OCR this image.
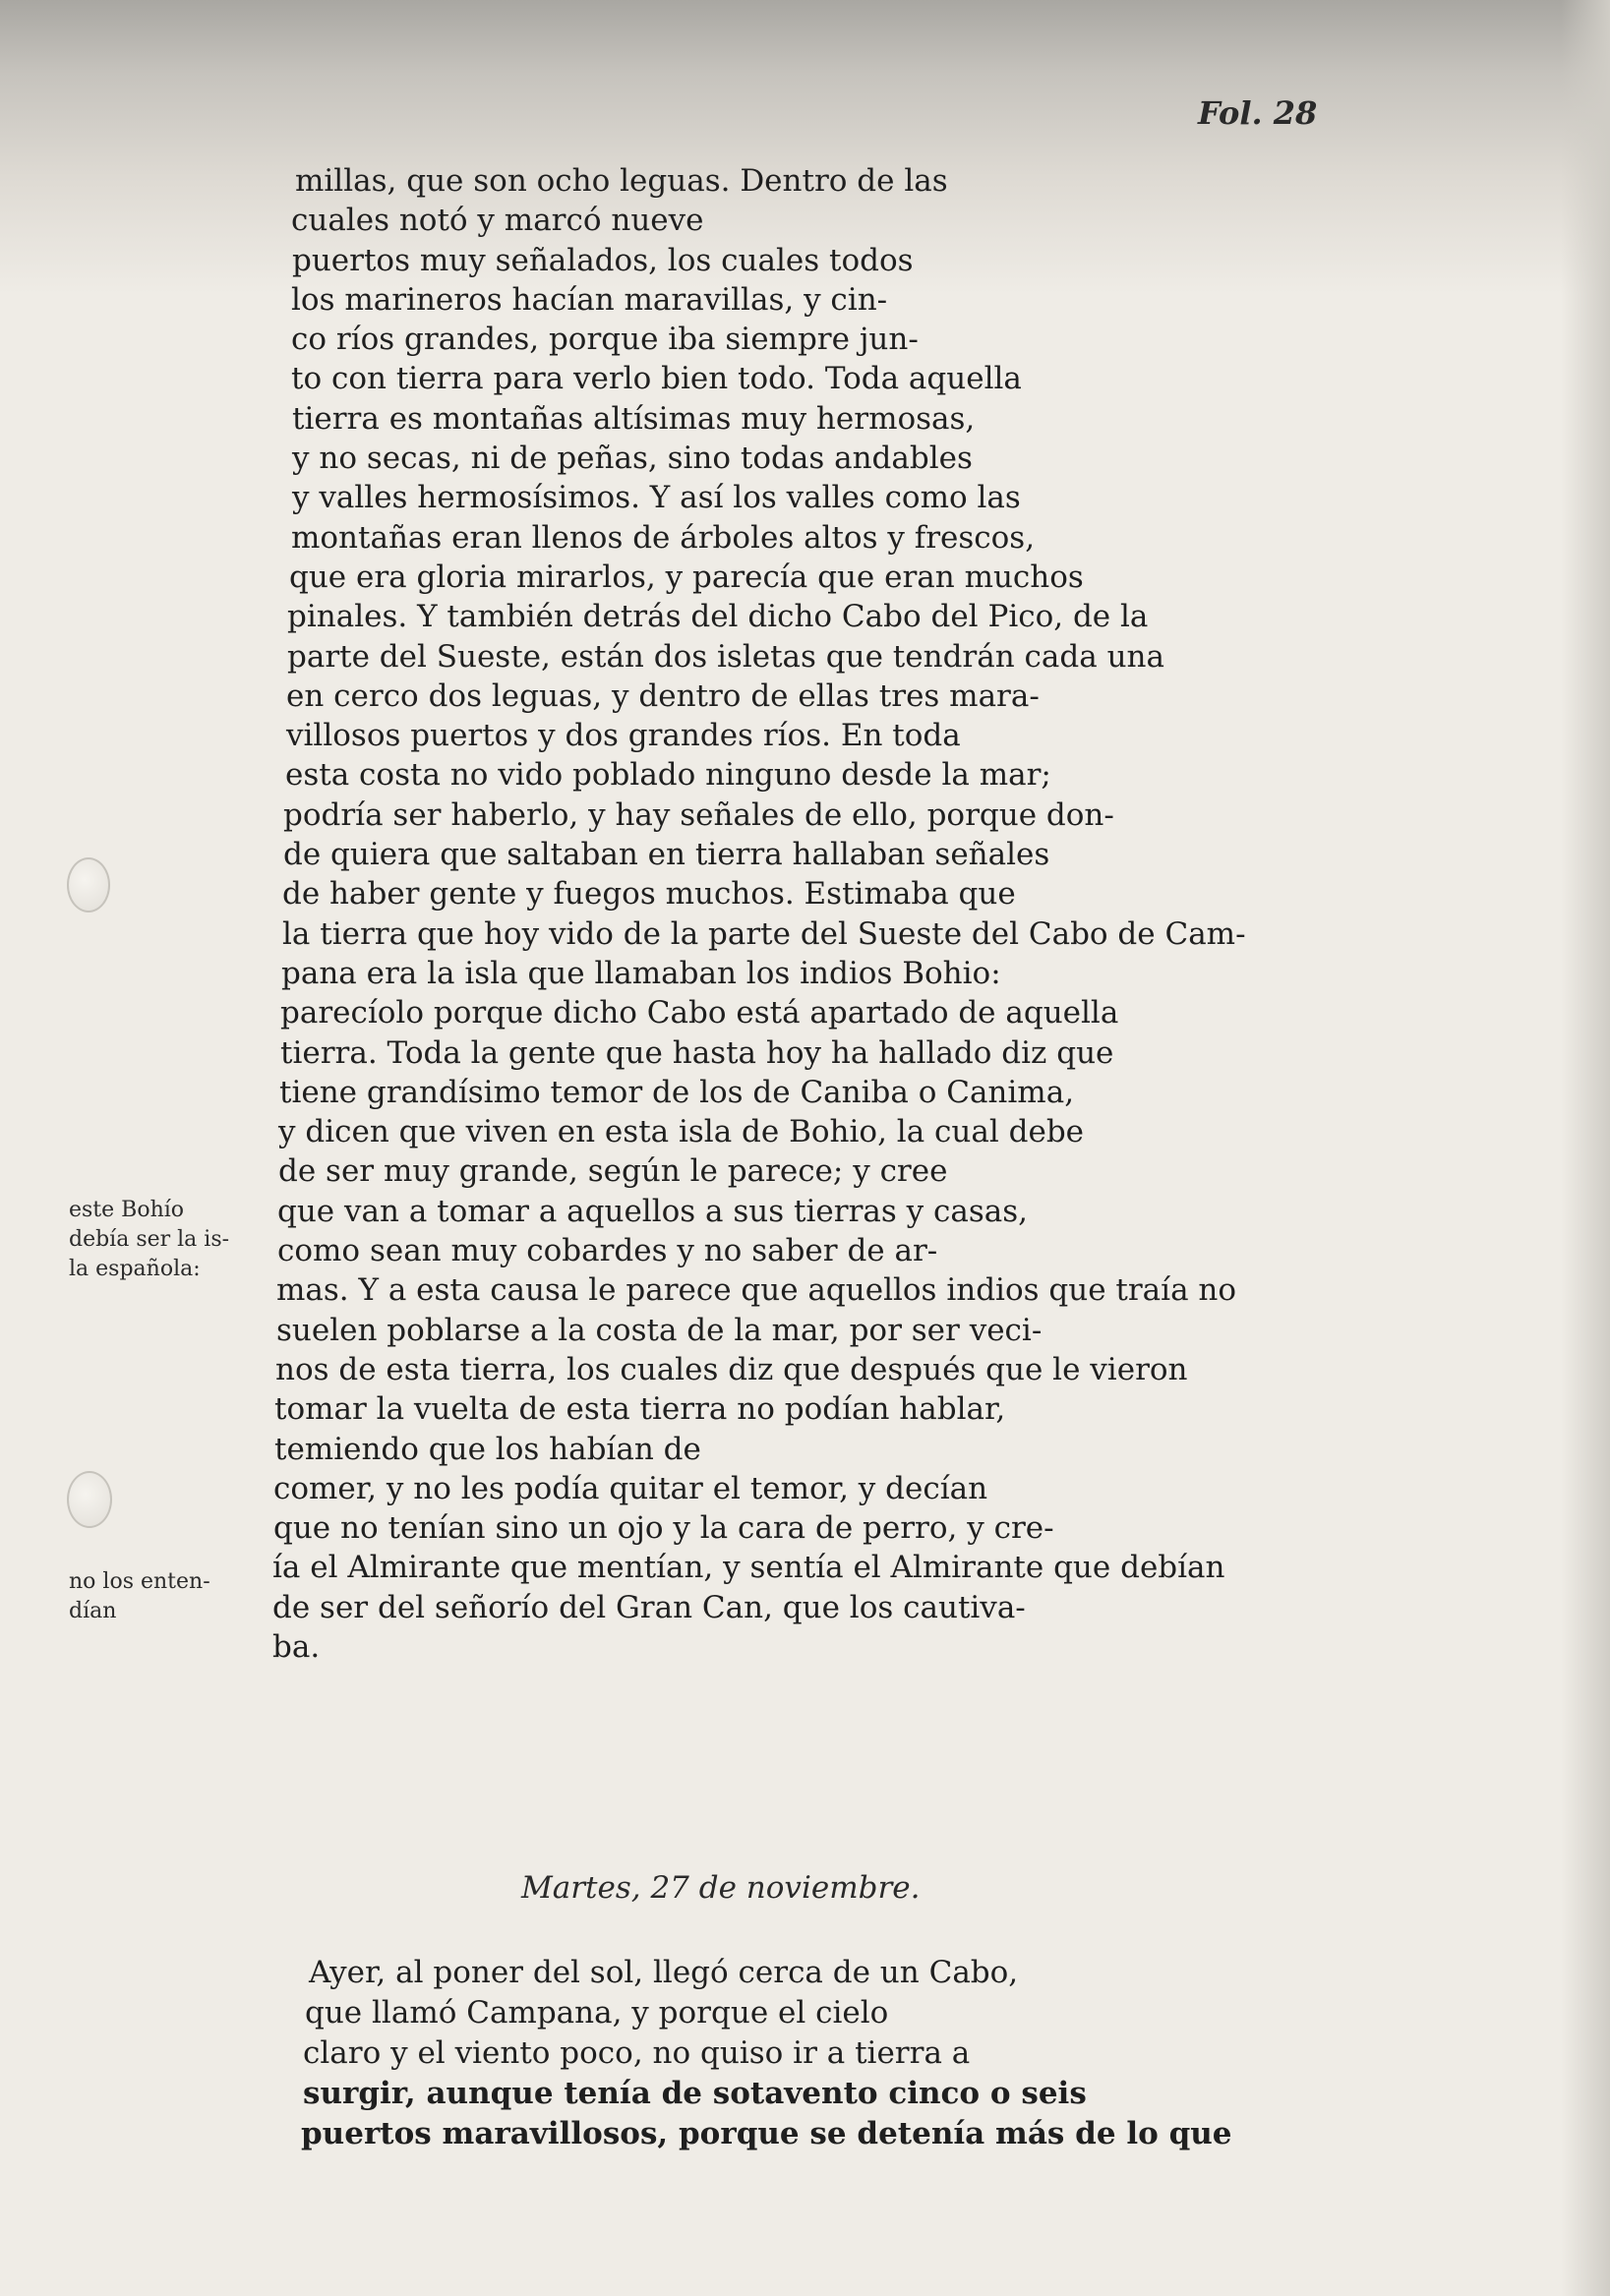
Fol. 28
millas, que son ocho leguas. Dentro de las
cuales notó y marcó nueve
puertos muy señalados, los cuales todos
los marineros hacían maravillas, y cin-
co ríos grandes, porque iba siempre jun-
to con tierra para verlo bien todo. Toda aquella
tierra es montañas altísimas muy hermosas,
y no secas, ni de peñas, sino todas andables
y valles hermosísimos. Y así los valles como las
montañas eran llenos de árboles altos y frescos,
que era gloria mirarlos, y parecía que eran muchos
pinales. Y también detrás del dicho Cabo del Pico, de la
parte del Sueste, están dos isletas que tendrán cada una
en cerco dos leguas, y dentro de ellas tres mara-
villosos puertos y dos grandes ríos. En toda
esta costa no vido poblado ninguno desde la mar;
podría ser haberlo, y hay señales de ello, porque don-
de quiera que saltaban en tierra hallaban señales
de haber gente y fuegos muchos. Estimaba que
la tierra que hoy vido de la parte del Sueste del Cabo de Cam-
pana era la isla que llamaban los indios Bohio:
parecíolo porque dicho Cabo está apartado de aquella
tierra. Toda la gente que hasta hoy ha hallado diz que
tiene grandísimo temor de los de Caniba o Canima,
y dicen que viven en esta isla de Bohio, la cual debe
de ser muy grande, según le parece; y cree
que van a tomar a aquellos a sus tierras y casas,
como sean muy cobardes y no saber de ar-
mas. Y a esta causa le parece que aquellos indios que traía no
suelen poblarse a la costa de la mar, por ser veci-
nos de esta tierra, los cuales diz que después que le vieron
tomar la vuelta de esta tierra no podían hablar,
temiendo que los habían de
comer, y no les podía quitar el temor, y decían
que no tenían sino un ojo y la cara de perro, y cre-
ía el Almirante que mentían, y sentía el Almirante que debían
de ser del señorío del Gran Can, que los cautiva-
ba.
este Bohío
debía ser la is-
la española:
no los enten-
dían
Martes, 27 de noviembre.
Ayer, al poner del sol, llegó cerca de un Cabo,
que llamó Campana, y porque el cielo
claro y el viento poco, no quiso ir a tierra a
surgir, aunque tenía de sotavento cinco o seis
puertos maravillosos, porque se detenía más de lo que
